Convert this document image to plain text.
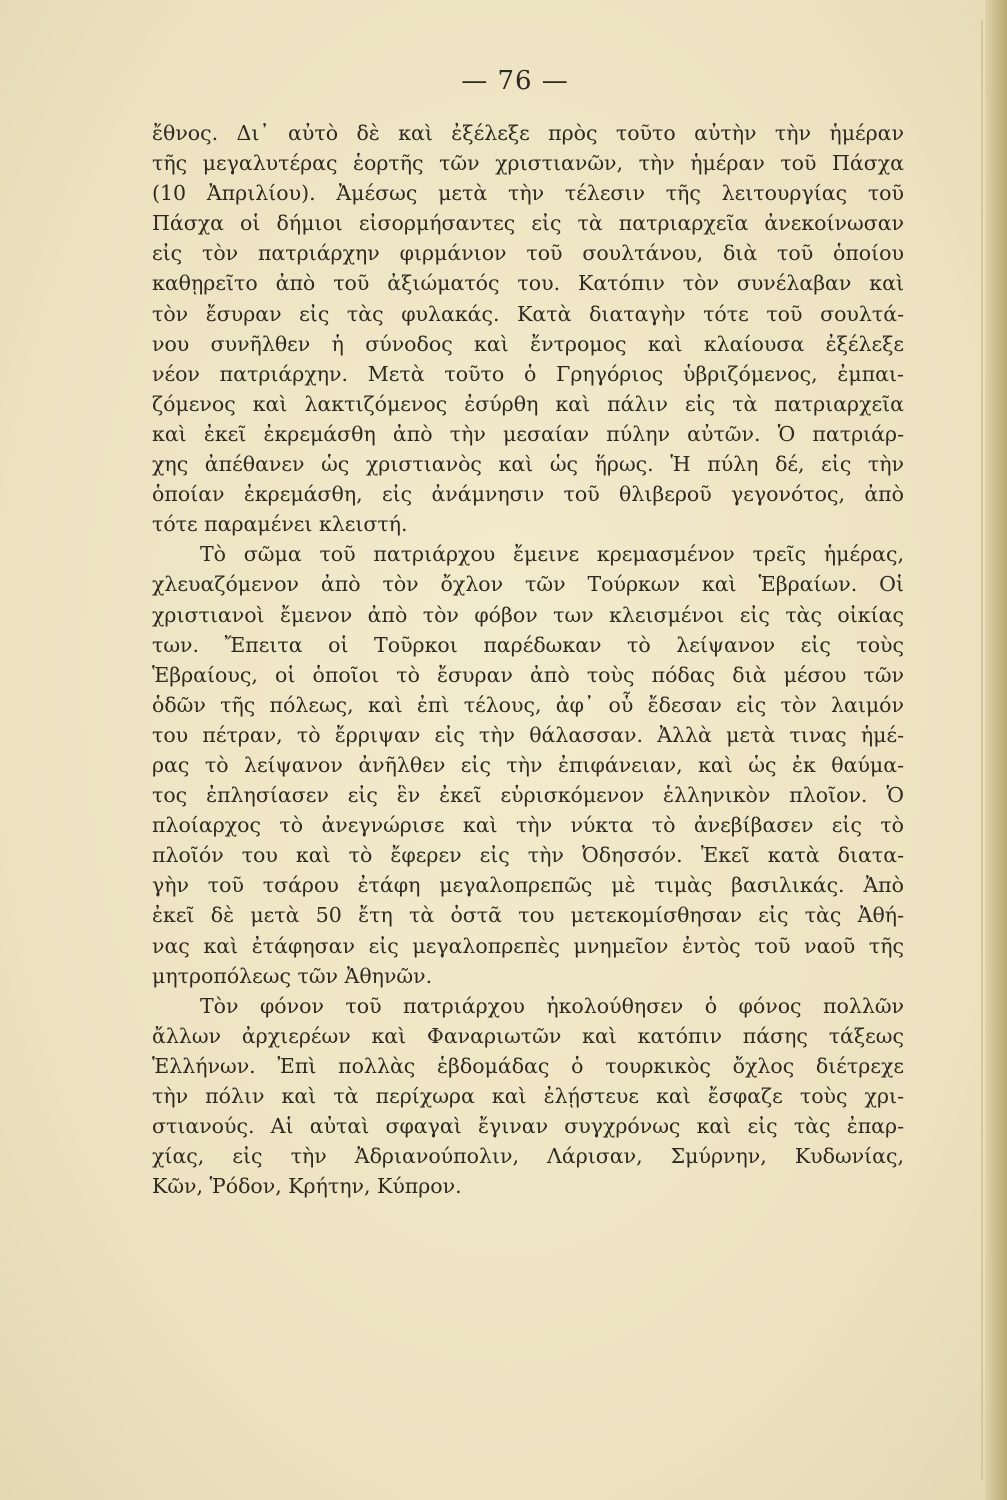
— 76 —
ἔθνος. Δι᾽ αὐτὸ δὲ καὶ ἐξέλεξε πρὸς τοῦτο αὐτὴν τὴν ἡμέραν
τῆς μεγαλυτέρας ἑορτῆς τῶν χριστιανῶν, τὴν ἡμέραν τοῦ Πάσχα
(10 Ἀπριλίου). Ἀμέσως μετὰ τὴν τέλεσιν τῆς λειτουργίας τοῦ
Πάσχα οἱ δήμιοι εἰσορμήσαντες εἰς τὰ πατριαρχεῖα ἀνεκοίνωσαν
εἰς τὸν πατριάρχην φιρμάνιον τοῦ σουλτάνου, διὰ τοῦ ὁποίου
καθῃρεῖτο ἀπὸ τοῦ ἀξιώματός του. Κατόπιν τὸν συνέλαβαν καὶ
τὸν ἔσυραν εἰς τὰς φυλακάς. Κατὰ διαταγὴν τότε τοῦ σουλτά-
νου συνῆλθεν ἡ σύνοδος καὶ ἔντρομος καὶ κλαίουσα ἐξέλεξε
νέον πατριάρχην. Μετὰ τοῦτο ὁ Γρηγόριος ὑβριζόμενος, ἐμπαι-
ζόμενος καὶ λακτιζόμενος ἐσύρθη καὶ πάλιν εἰς τὰ πατριαρχεῖα
καὶ ἐκεῖ ἐκρεμάσθη ἀπὸ τὴν μεσαίαν πύλην αὐτῶν. Ὁ πατριάρ-
χης ἀπέθανεν ὡς χριστιανὸς καὶ ὡς ἥρως. Ἡ πύλη δέ, εἰς τὴν
ὁποίαν ἐκρεμάσθη, εἰς ἀνάμνησιν τοῦ θλιβεροῦ γεγονότος, ἀπὸ
τότε παραμένει κλειστή.
Τὸ σῶμα τοῦ πατριάρχου ἔμεινε κρεμασμένον τρεῖς ἡμέρας,
χλευαζόμενον ἀπὸ τὸν ὄχλον τῶν Τούρκων καὶ Ἑβραίων. Οἱ
χριστιανοὶ ἔμενον ἀπὸ τὸν φόβον των κλεισμένοι εἰς τὰς οἰκίας
των. Ἔπειτα οἱ Τοῦρκοι παρέδωκαν τὸ λείψανον εἰς τοὺς
Ἑβραίους, οἱ ὁποῖοι τὸ ἔσυραν ἀπὸ τοὺς πόδας διὰ μέσου τῶν
ὁδῶν τῆς πόλεως, καὶ ἐπὶ τέλους, ἀφ᾽ οὗ ἔδεσαν εἰς τὸν λαιμόν
του πέτραν, τὸ ἔρριψαν εἰς τὴν θάλασσαν. Ἀλλὰ μετὰ τινας ἡμέ-
ρας τὸ λείψανον ἀνῆλθεν εἰς τὴν ἐπιφάνειαν, καὶ ὡς ἐκ θαύμα-
τος ἐπλησίασεν εἰς ἓν ἐκεῖ εὑρισκόμενον ἑλληνικὸν πλοῖον. Ὁ
πλοίαρχος τὸ ἀνεγνώρισε καὶ τὴν νύκτα τὸ ἀνεβίβασεν εἰς τὸ
πλοῖόν του καὶ τὸ ἔφερεν εἰς τὴν Ὀδησσόν. Ἐκεῖ κατὰ διατα-
γὴν τοῦ τσάρου ἐτάφη μεγαλοπρεπῶς μὲ τιμὰς βασιλικάς. Ἀπὸ
ἐκεῖ δὲ μετὰ 50 ἔτη τὰ ὀστᾶ του μετεκομίσθησαν εἰς τὰς Ἀθή-
νας καὶ ἐτάφησαν εἰς μεγαλοπρεπὲς μνημεῖον ἐντὸς τοῦ ναοῦ τῆς
μητροπόλεως τῶν Ἀθηνῶν.
Τὸν φόνον τοῦ πατριάρχου ἠκολούθησεν ὁ φόνος πολλῶν
ἄλλων ἀρχιερέων καὶ Φαναριωτῶν καὶ κατόπιν πάσης τάξεως
Ἑλλήνων. Ἐπὶ πολλὰς ἑβδομάδας ὁ τουρκικὸς ὄχλος διέτρεχε
τὴν πόλιν καὶ τὰ περίχωρα καὶ ἐλῄστευε καὶ ἔσφαζε τοὺς χρι-
στιανούς. Αἱ αὐταὶ σφαγαὶ ἔγιναν συγχρόνως καὶ εἰς τὰς ἐπαρ-
χίας, εἰς τὴν Ἀδριανούπολιν, Λάρισαν, Σμύρνην, Κυδωνίας,
Κῶν, Ῥόδον, Κρήτην, Κύπρον.
